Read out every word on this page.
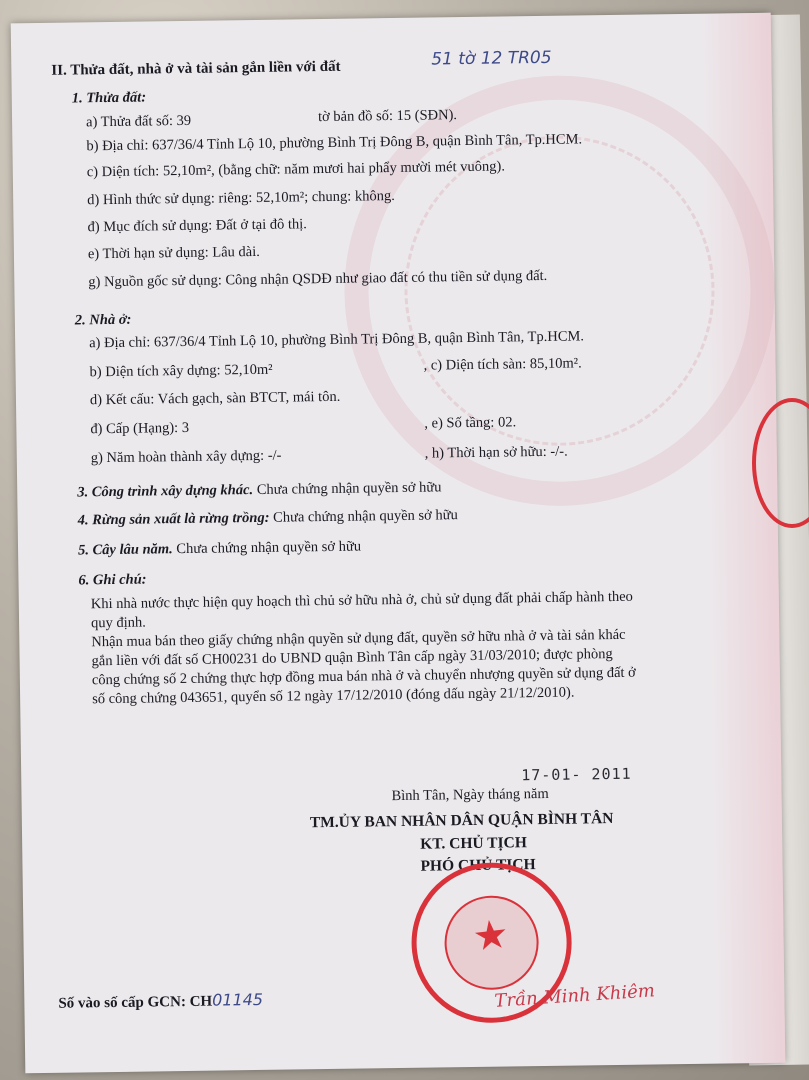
II. Thửa đất, nhà ở và tài sản gắn liền với đất	51 tờ 12 TR05
1. Thửa đất:
a) Thửa đất số: 39	tờ bản đồ số: 15 (SĐN).
b) Địa chỉ: 637/36/4 Tỉnh Lộ 10, phường Bình Trị Đông B, quận Bình Tân, Tp.HCM.
c) Diện tích: 52,10m², (bằng chữ: năm mươi hai phẩy mười mét vuông).
d) Hình thức sử dụng: riêng: 52,10m²; chung: không.
đ) Mục đích sử dụng: Đất ở tại đô thị.
e) Thời hạn sử dụng: Lâu dài.
g) Nguồn gốc sử dụng: Công nhận QSDĐ như giao đất có thu tiền sử dụng đất.
2. Nhà ở:
a) Địa chỉ: 637/36/4 Tỉnh Lộ 10, phường Bình Trị Đông B, quận Bình Tân, Tp.HCM.
b) Diện tích xây dựng: 52,10m²	, c) Diện tích sàn: 85,10m².
d) Kết cấu: Vách gạch, sàn BTCT, mái tôn.
đ) Cấp (Hạng): 3	, e) Số tầng: 02.
g) Năm hoàn thành xây dựng: -/-	, h) Thời hạn sở hữu: -/-.
3. Công trình xây dựng khác. Chưa chứng nhận quyền sở hữu
4. Rừng sản xuất là rừng trồng: Chưa chứng nhận quyền sở hữu
5. Cây lâu năm. Chưa chứng nhận quyền sở hữu
6. Ghi chú:
Khi nhà nước thực hiện quy hoạch thì chủ sở hữu nhà ở, chủ sử dụng đất phải chấp hành theo
quy định.
Nhận mua bán theo giấy chứng nhận quyền sử dụng đất, quyền sở hữu nhà ở và tài sản khác
gắn liền với đất số CH00231 do UBND quận Bình Tân cấp ngày 31/03/2010; được phòng
công chứng số 2 chứng thực hợp đồng mua bán nhà ở và chuyển nhượng quyền sử dụng đất ở
số công chứng 043651, quyển số 12 ngày 17/12/2010 (đóng dấu ngày 21/12/2010).
17-01- 2011
Bình Tân, Ngày tháng năm
TM.ỦY BAN NHÂN DÂN QUẬN BÌNH TÂN
KT. CHỦ TỊCH
PHÓ CHỦ TỊCH
★
Trần Minh Khiêm
Số vào số cấp GCN: CH01145
